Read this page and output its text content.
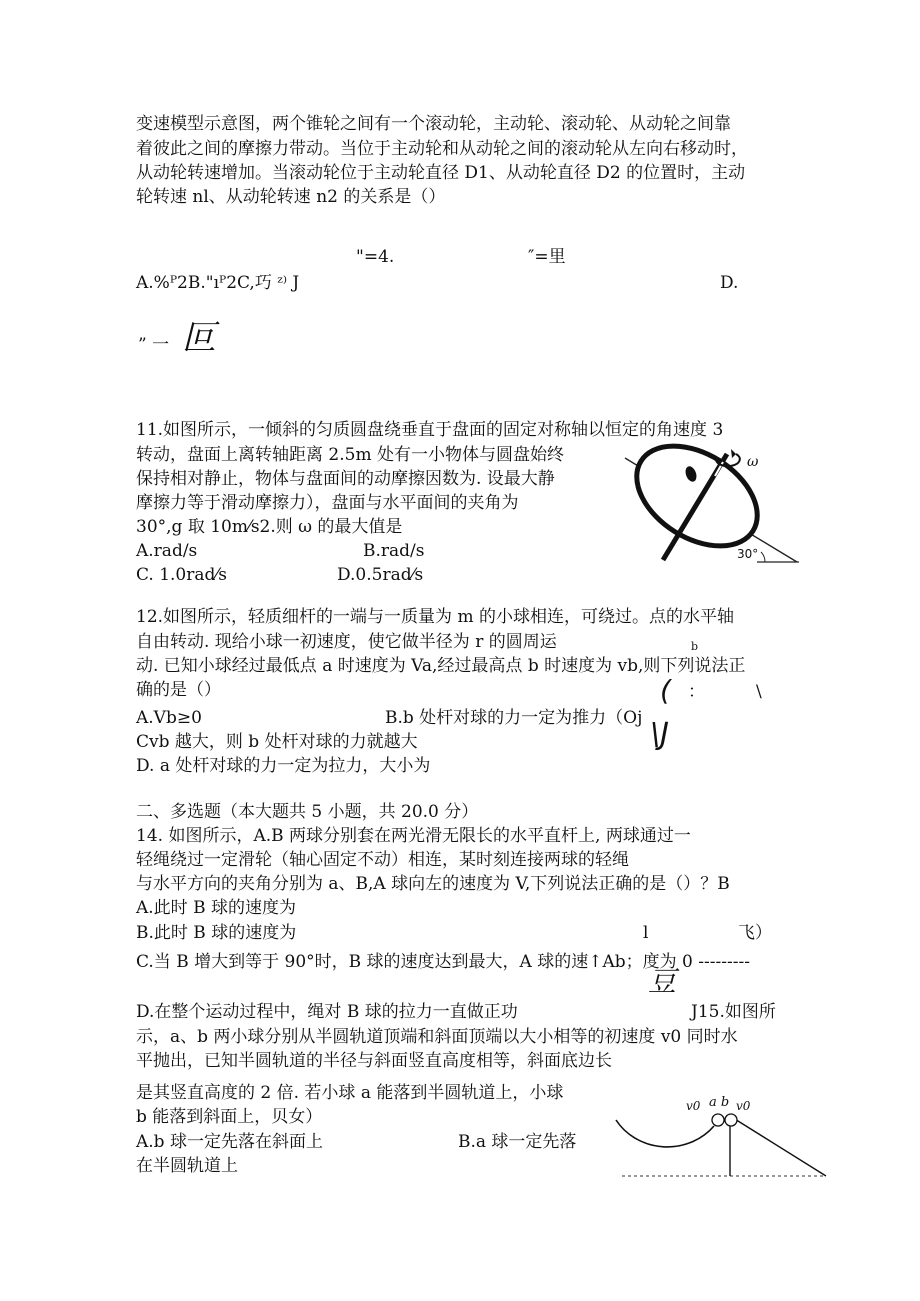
变速模型示意图，两个锥轮之间有一个滚动轮，主动轮、滚动轮、从动轮之间靠
着彼此之间的摩擦力带动。当位于主动轮和从动轮之间的滚动轮从左向右移动时，
从动轮转速增加。当滚动轮位于主动轮直径 D1、从动轮直径 D2 的位置时，主动
轮转速 nl、从动轮转速 n2 的关系是（）
"=4.	″=里
A.%ᴾ2B."ıᴾ2C,巧 ᶻ⁾ J	D.
” 一 叵
11.如图所示，一倾斜的匀质圆盘绕垂直于盘面的固定对称轴以恒定的角速度 3
转动，盘面上离转轴距离 2.5m 处有一小物体与圆盘始终
保持相对静止，物体与盘面间的动摩擦因数为. 设最大静
摩擦力等于滑动摩擦力），盘面与水平面间的夹角为
30°,g 取 10m⁄s2.则 ω 的最大值是
A.rad/s	B.rad/s
C. 1.0rad⁄s	D.0.5rad⁄s
ω
30°
12.如图所示，轻质细杆的一端与一质量为 m 的小球相连，可绕过。点的水平轴
自由转动. 现给小球一初速度，使它做半径为 r 的圆周运	b
动. 已知小球经过最低点 a 时速度为 Va,经过最高点 b 时速度为 vb,则下列说法正
确的是（）	( ：	\
A.Vb≥0	B.b 处杆对球的力一定为推力（Oj \J
Cvb 越大，则 b 处杆对球的力就越大
D. a 处杆对球的力一定为拉力，大小为
二、多选题（本大题共 5 小题，共 20.0 分）
14. 如图所示，A.B 两球分别套在两光滑无限长的水平直杆上, 两球通过一
轻绳绕过一定滑轮（轴心固定不动）相连，某时刻连接两球的轻绳
与水平方向的夹角分别为 a、B,A 球向左的速度为 V,下列说法正确的是（）？B
A.此时 B 球的速度为
B.此时 B 球的速度为	l	飞）
C.当 B 增大到等于 90°时，B 球的速度达到最大，A 球的速↑Ab；度为 0 ---------
豆
D.在整个运动过程中，绳对 B 球的拉力一直做正功	J15.如图所
示，a、b 两小球分别从半圆轨道顶端和斜面顶端以大小相等的初速度 v0 同时水
平抛出，已知半圆轨道的半径与斜面竖直高度相等，斜面底边长
是其竖直高度的 2 倍. 若小球 a 能落到半圆轨道上，小球
b 能落到斜面上，贝女）
A.b 球一定先落在斜面上	B.a 球一定先落
在半圆轨道上
v0 a b v0
